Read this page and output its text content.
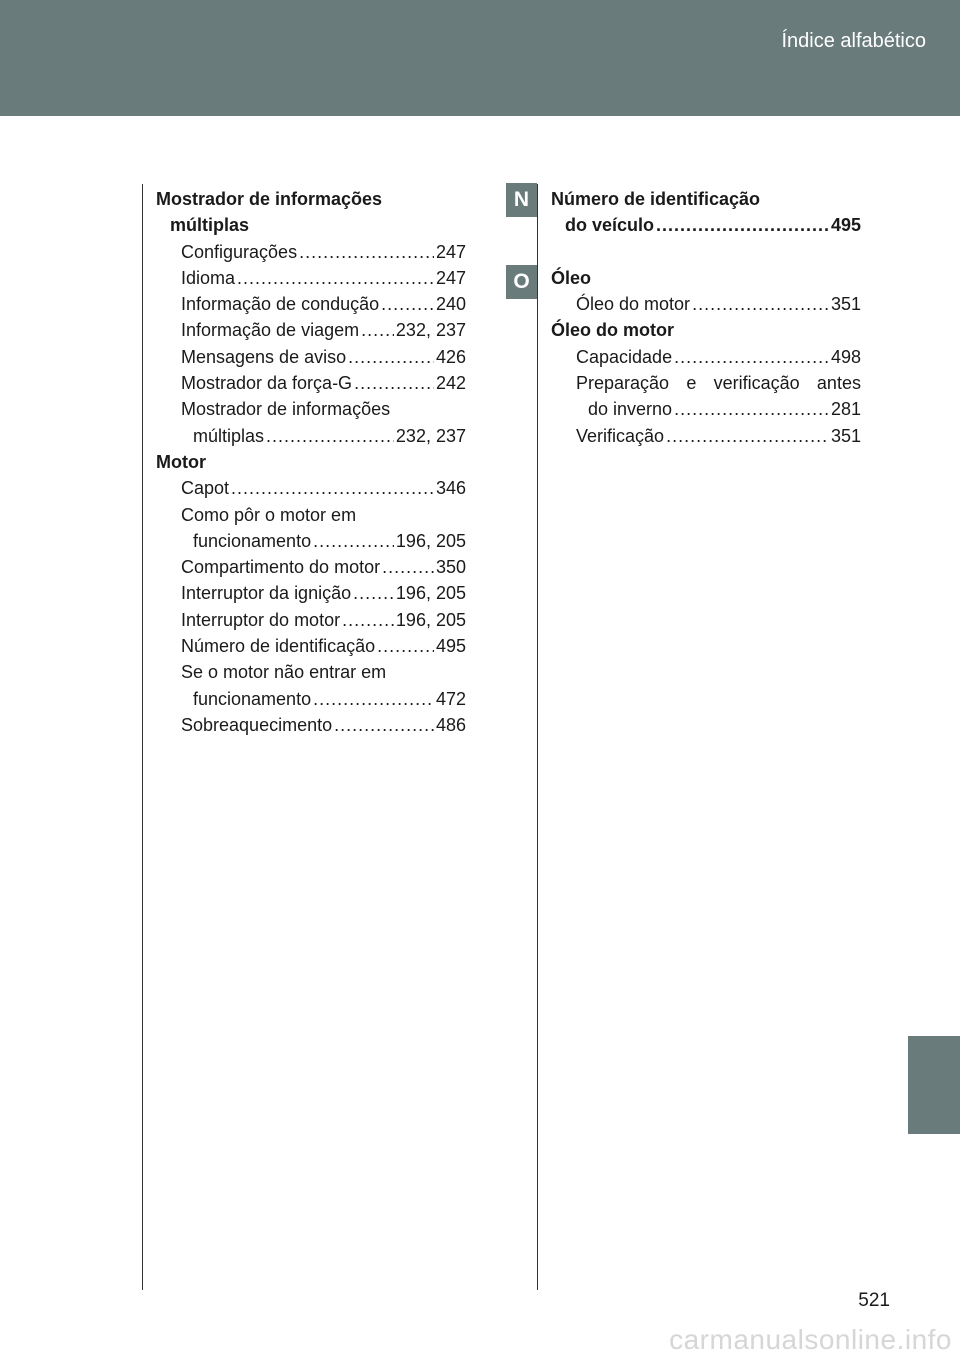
Índice alfabético
N
O
Mostrador de informações
múltiplas
Configurações .....	247
Idioma .....	247
Informação de condução .....	240
Informação de viagem ..... 232, 237
Mensagens de aviso .....	426
Mostrador da força-G .....	242
Mostrador de informações
múltiplas .....	232, 237
Motor
Capot .....	346
Como pôr o motor em
funcionamento .....	196, 205
Compartimento do motor .....	350
Interruptor da ignição ..... 196, 205
Interruptor do motor .....	196, 205
Número de identificação .....	495
Se o motor não entrar em
funcionamento .....	472
Sobreaquecimento .....	486
Número de identificação
do veículo .....	495
Óleo
Óleo do motor .....	351
Óleo do motor
Capacidade .....	498
Preparação e verificação antes
do inverno .....	281
Verificação .....	351
521
carmanualsonline.info
